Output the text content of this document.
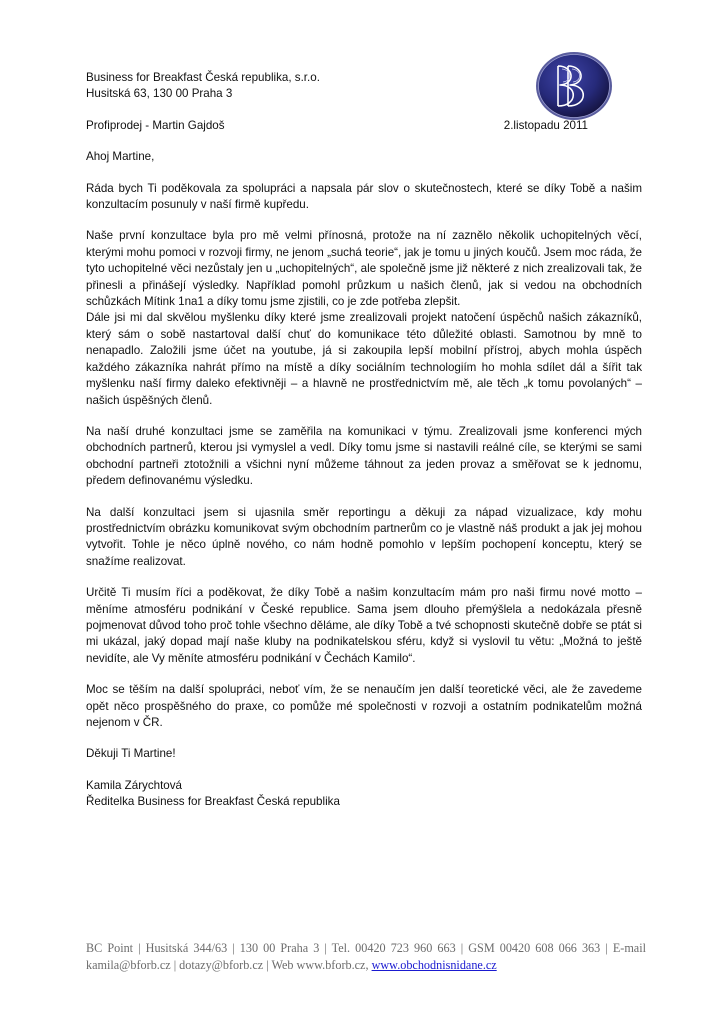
Business for Breakfast Česká republika, s.r.o.
Husitská 63, 130 00 Praha 3

Profiprodej - Martin Gajdoš	2.listopadu 2011

Ahoj Martine,

Ráda bych Ti poděkovala za spolupráci a napsala pár slov o skutečnostech, které se díky Tobě a našim konzultacím posunuly v naší firmě kupředu.

Naše první konzultace byla pro mě velmi přínosná, protože na ní zaznělo několik uchopitelných věcí, kterými mohu pomoci v rozvoji firmy, ne jenom „suchá teorie“, jak je tomu u jiných koučů. Jsem moc ráda, že tyto uchopitelné věci nezůstaly jen u „uchopitelných“, ale společně jsme již některé z nich zrealizovali tak, že přinesli a přinášejí výsledky. Například pomohl průzkum u našich členů, jak si vedou na obchodních schůzkách Mítink 1na1 a díky tomu jsme zjistili, co je zde potřeba zlepšit.

Dále jsi mi dal skvělou myšlenku díky které jsme zrealizovali projekt natočení úspěchů našich zákazníků, který sám o sobě nastartoval další chuť do komunikace této důležité oblasti. Samotnou by mně to nenapadlo. Založili jsme účet na youtube, já si zakoupila lepší mobilní přístroj, abych mohla úspěch každého zákazníka nahrát přímo na místě a díky sociálním technologiím ho mohla sdílet dál a šířit tak myšlenku naší firmy daleko efektivněji – a hlavně ne prostřednictvím mě, ale těch „k tomu povolaných“ – našich úspěšných členů.

Na naší druhé konzultaci jsme se zaměřila na komunikaci v týmu. Zrealizovali jsme konferenci mých obchodních partnerů, kterou jsi vymyslel a vedl. Díky tomu jsme si nastavili reálné cíle, se kterými se sami obchodní partneři ztotožnili a všichni nyní můžeme táhnout za jeden provaz a směřovat se k jednomu, předem definovanému výsledku.

Na další konzultaci jsem si ujasnila směr reportingu a děkuji za nápad vizualizace, kdy mohu prostřednictvím obrázku komunikovat svým obchodním partnerům co je vlastně náš produkt a jak jej mohou vytvořit. Tohle je něco úplně nového, co nám hodně pomohlo v lepším pochopení konceptu, který se snažíme realizovat.

Určitě Ti musím říci a poděkovat, že díky Tobě a našim konzultacím mám pro naši firmu nové motto – měníme atmosféru podnikání v České republice. Sama jsem dlouho přemýšlela a nedokázala přesně pojmenovat důvod toho proč tohle všechno děláme, ale díky Tobě a tvé schopnosti skutečně dobře se ptát si mi ukázal, jaký dopad mají naše kluby na podnikatelskou sféru, když si vyslovil tu větu: „Možná to ještě nevidíte, ale Vy měníte atmosféru podnikání v Čechách Kamilo“.

Moc se těším na další spolupráci, neboť vím, že se nenaučím jen další teoretické věci, ale že zavedeme opět něco prospěšného do praxe, co pomůže mé společnosti v rozvoji a ostatním podnikatelům možná nejenom v ČR.

Děkuji Ti Martine!

Kamila Zárychtová
Ředitelka Business for Breakfast Česká republika

BC Point | Husitská 344/63 | 130 00 Praha 3 | Tel. 00420 723 960 663 | GSM 00420 608 066 363 | E-mail kamila@bforb.cz | dotazy@bforb.cz | Web www.bforb.cz, www.obchodnisnidane.cz
